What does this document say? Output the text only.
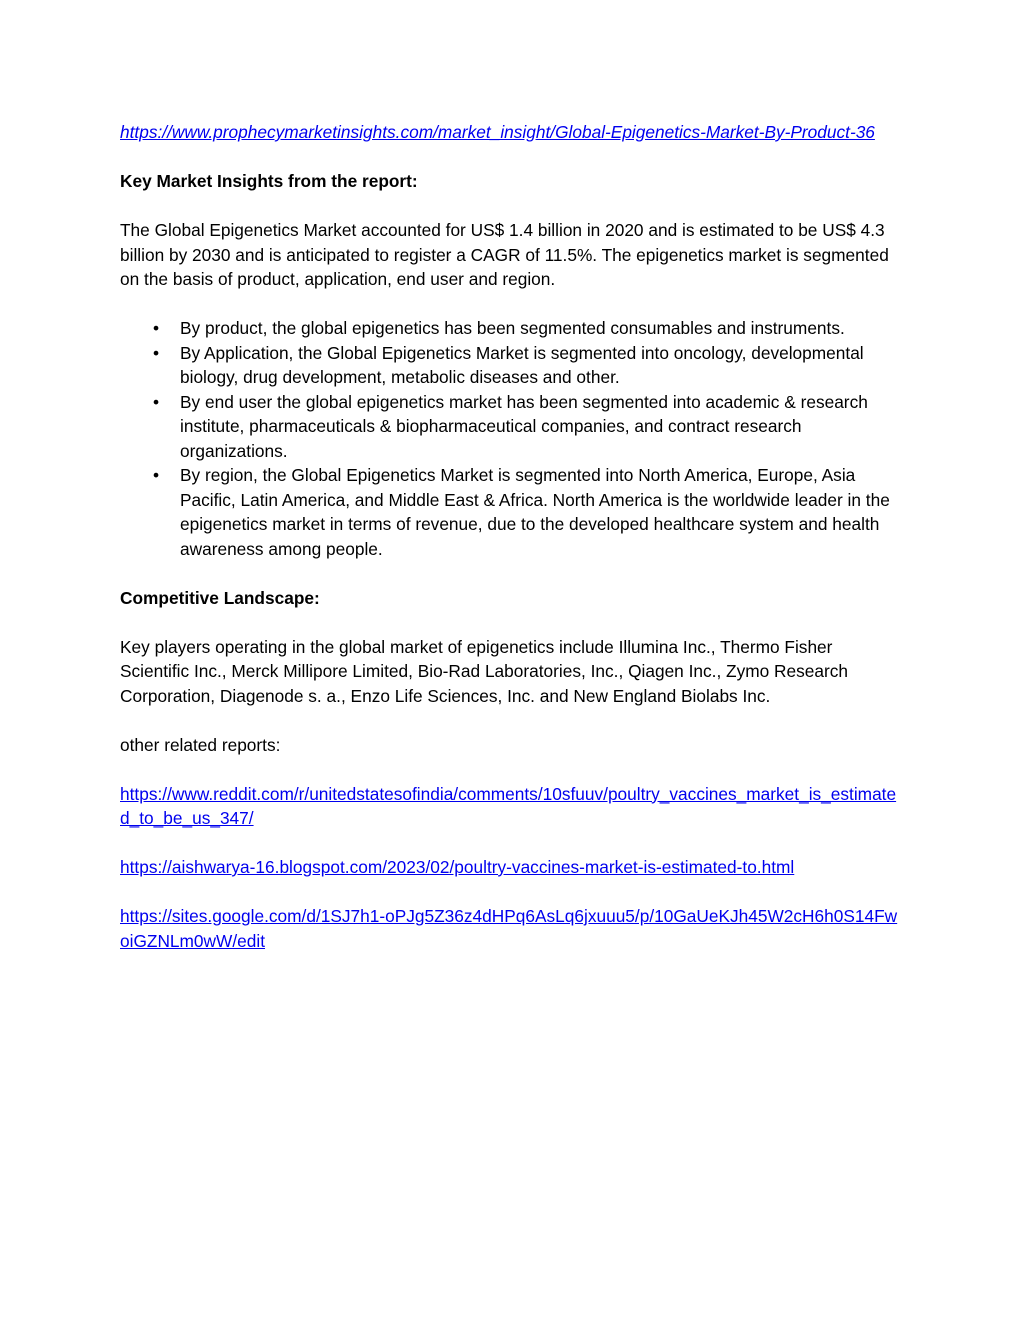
https://www.prophecymarketinsights.com/market_insight/Global-Epigenetics-Market-By-Product-36

Key Market Insights from the report:

The Global Epigenetics Market accounted for US$ 1.4 billion in 2020 and is estimated to be US$ 4.3 billion by 2030 and is anticipated to register a CAGR of 11.5%. The epigenetics market is segmented on the basis of product, application, end user and region.

• By product, the global epigenetics has been segmented consumables and instruments.
• By Application, the Global Epigenetics Market is segmented into oncology, developmental biology, drug development, metabolic diseases and other.
• By end user the global epigenetics market has been segmented into academic & research institute, pharmaceuticals & biopharmaceutical companies, and contract research organizations.
• By region, the Global Epigenetics Market is segmented into North America, Europe, Asia Pacific, Latin America, and Middle East & Africa. North America is the worldwide leader in the epigenetics market in terms of revenue, due to the developed healthcare system and health awareness among people.

Competitive Landscape:

Key players operating in the global market of epigenetics include Illumina Inc., Thermo Fisher Scientific Inc., Merck Millipore Limited, Bio-Rad Laboratories, Inc., Qiagen Inc., Zymo Research Corporation, Diagenode s. a., Enzo Life Sciences, Inc. and New England Biolabs Inc.

other related reports:

https://www.reddit.com/r/unitedstatesofindia/comments/10sfuuv/poultry_vaccines_market_is_estimated_to_be_us_347/

https://aishwarya-16.blogspot.com/2023/02/poultry-vaccines-market-is-estimated-to.html

https://sites.google.com/d/1SJ7h1-oPJg5Z36z4dHPq6AsLq6jxuuu5/p/10GaUeKJh45W2cH6h0S14FwoiGZNLm0wW/edit
